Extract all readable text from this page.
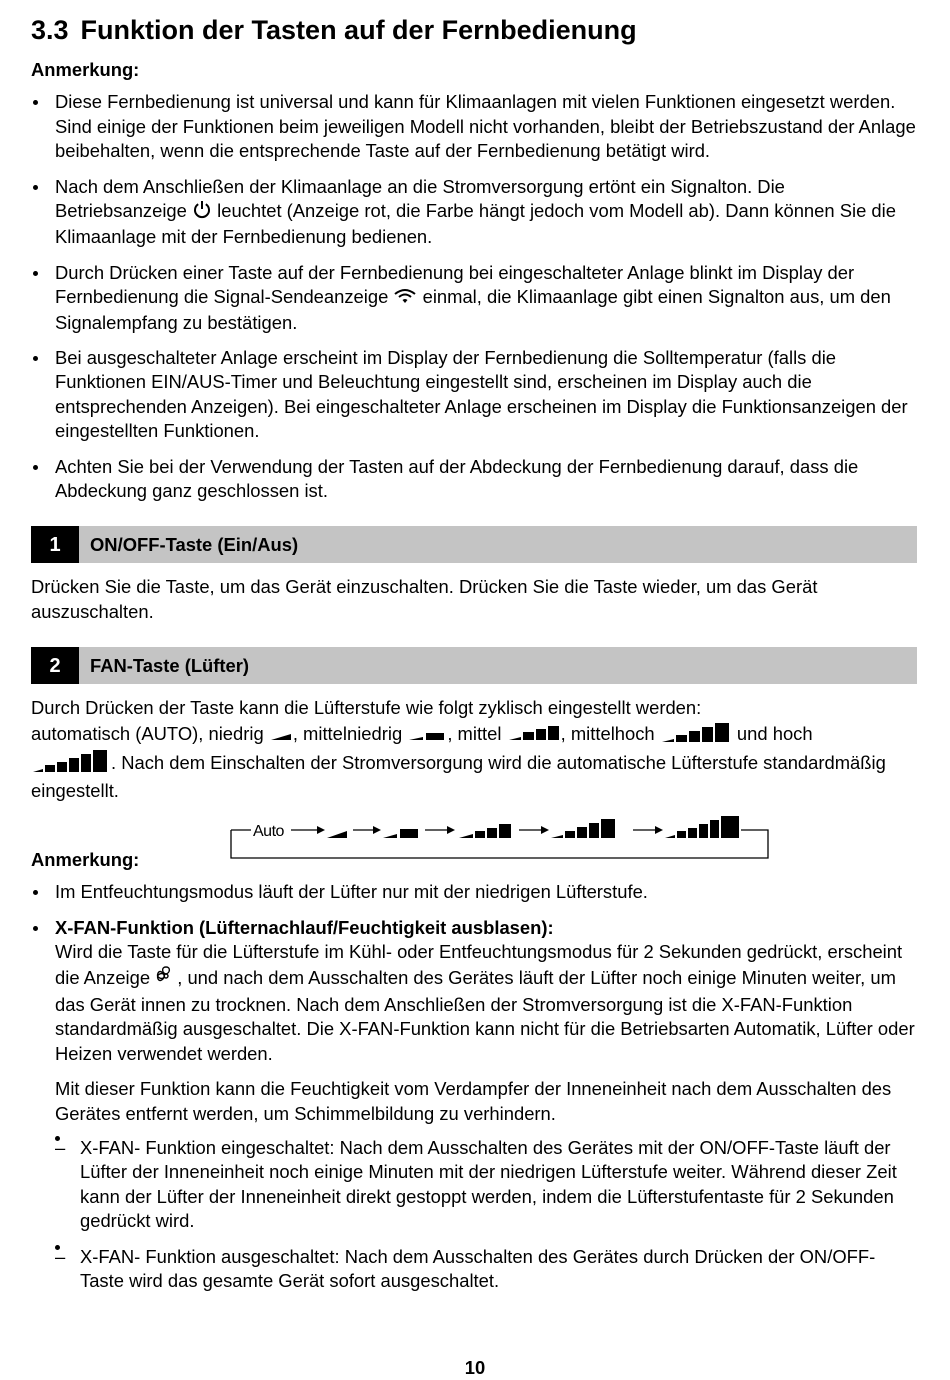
3.3 Funktion der Tasten auf der Fernbedienung
Anmerkung:
Diese Fernbedienung ist universal und kann für Klimaanlagen mit vielen Funktionen eingesetzt werden. Sind einige der Funktionen beim jeweiligen Modell nicht vorhanden, bleibt der Betriebszustand der Anlage beibehalten, wenn die entsprechende Taste auf der Fernbedienung betätigt wird.
Nach dem Anschließen der Klimaanlage an die Stromversorgung ertönt ein Signalton. Die Betriebsanzeige leuchtet (Anzeige rot, die Farbe hängt jedoch vom Modell ab). Dann können Sie die Klimaanlage mit der Fernbedienung bedienen.
Durch Drücken einer Taste auf der Fernbedienung bei eingeschalteter Anlage blinkt im Display der Fernbedienung die Signal-Sendeanzeige einmal, die Klimaanlage gibt einen Signalton aus, um den Signalempfang zu bestätigen.
Bei ausgeschalteter Anlage erscheint im Display der Fernbedienung die Solltemperatur (falls die Funktionen EIN/AUS-Timer und Beleuchtung eingestellt sind, erscheinen im Display auch die entsprechenden Anzeigen). Bei eingeschalteter Anlage erscheinen im Display die Funktionsanzeigen der eingestellten Funktionen.
Achten Sie bei der Verwendung der Tasten auf der Abdeckung der Fernbedienung darauf, dass die Abdeckung ganz geschlossen ist.
1	ON/OFF-Taste (Ein/Aus)

Drücken Sie die Taste, um das Gerät einzuschalten. Drücken Sie die Taste wieder, um das Gerät auszuschalten.

2	FAN-Taste (Lüfter)

Durch Drücken der Taste kann die Lüfterstufe wie folgt zyklisch eingestellt werden:
automatisch (AUTO), niedrig , mittelniedrig , mittel	, mittelhoch	und hoch
. Nach dem Einschalten der Stromversorgung wird die automatische Lüfterstufe standardmäßig eingestellt.

Auto
Anmerkung:
Im Entfeuchtungsmodus läuft der Lüfter nur mit der niedrigen Lüfterstufe.
X-FAN-Funktion (Lüfternachlauf/Feuchtigkeit ausblasen):
Wird die Taste für die Lüfterstufe im Kühl- oder Entfeuchtungsmodus für 2 Sekunden gedrückt, erscheint die Anzeige , und nach dem Ausschalten des Gerätes läuft der Lüfter noch einige Minuten weiter, um das Gerät innen zu trocknen. Nach dem Anschließen der Stromversorgung ist die X-FAN-Funktion standardmäßig ausgeschaltet. Die X-FAN-Funktion kann nicht für die Betriebsarten Automatik, Lüfter oder Heizen verwendet werden.

Mit dieser Funktion kann die Feuchtigkeit vom Verdampfer der Inneneinheit nach dem Ausschalten des Gerätes entfernt werden, um Schimmelbildung zu verhindern.

– X-FAN- Funktion eingeschaltet: Nach dem Ausschalten des Gerätes mit der ON/OFF-Taste läuft der Lüfter der Inneneinheit noch einige Minuten mit der niedrigen Lüfterstufe weiter. Während dieser Zeit kann der Lüfter der Inneneinheit direkt gestoppt werden, indem die Lüfterstufentaste für 2 Sekunden gedrückt wird.
– X-FAN- Funktion ausgeschaltet: Nach dem Ausschalten des Gerätes durch Drücken der ON/OFF-Taste wird das gesamte Gerät sofort ausgeschaltet.
10
